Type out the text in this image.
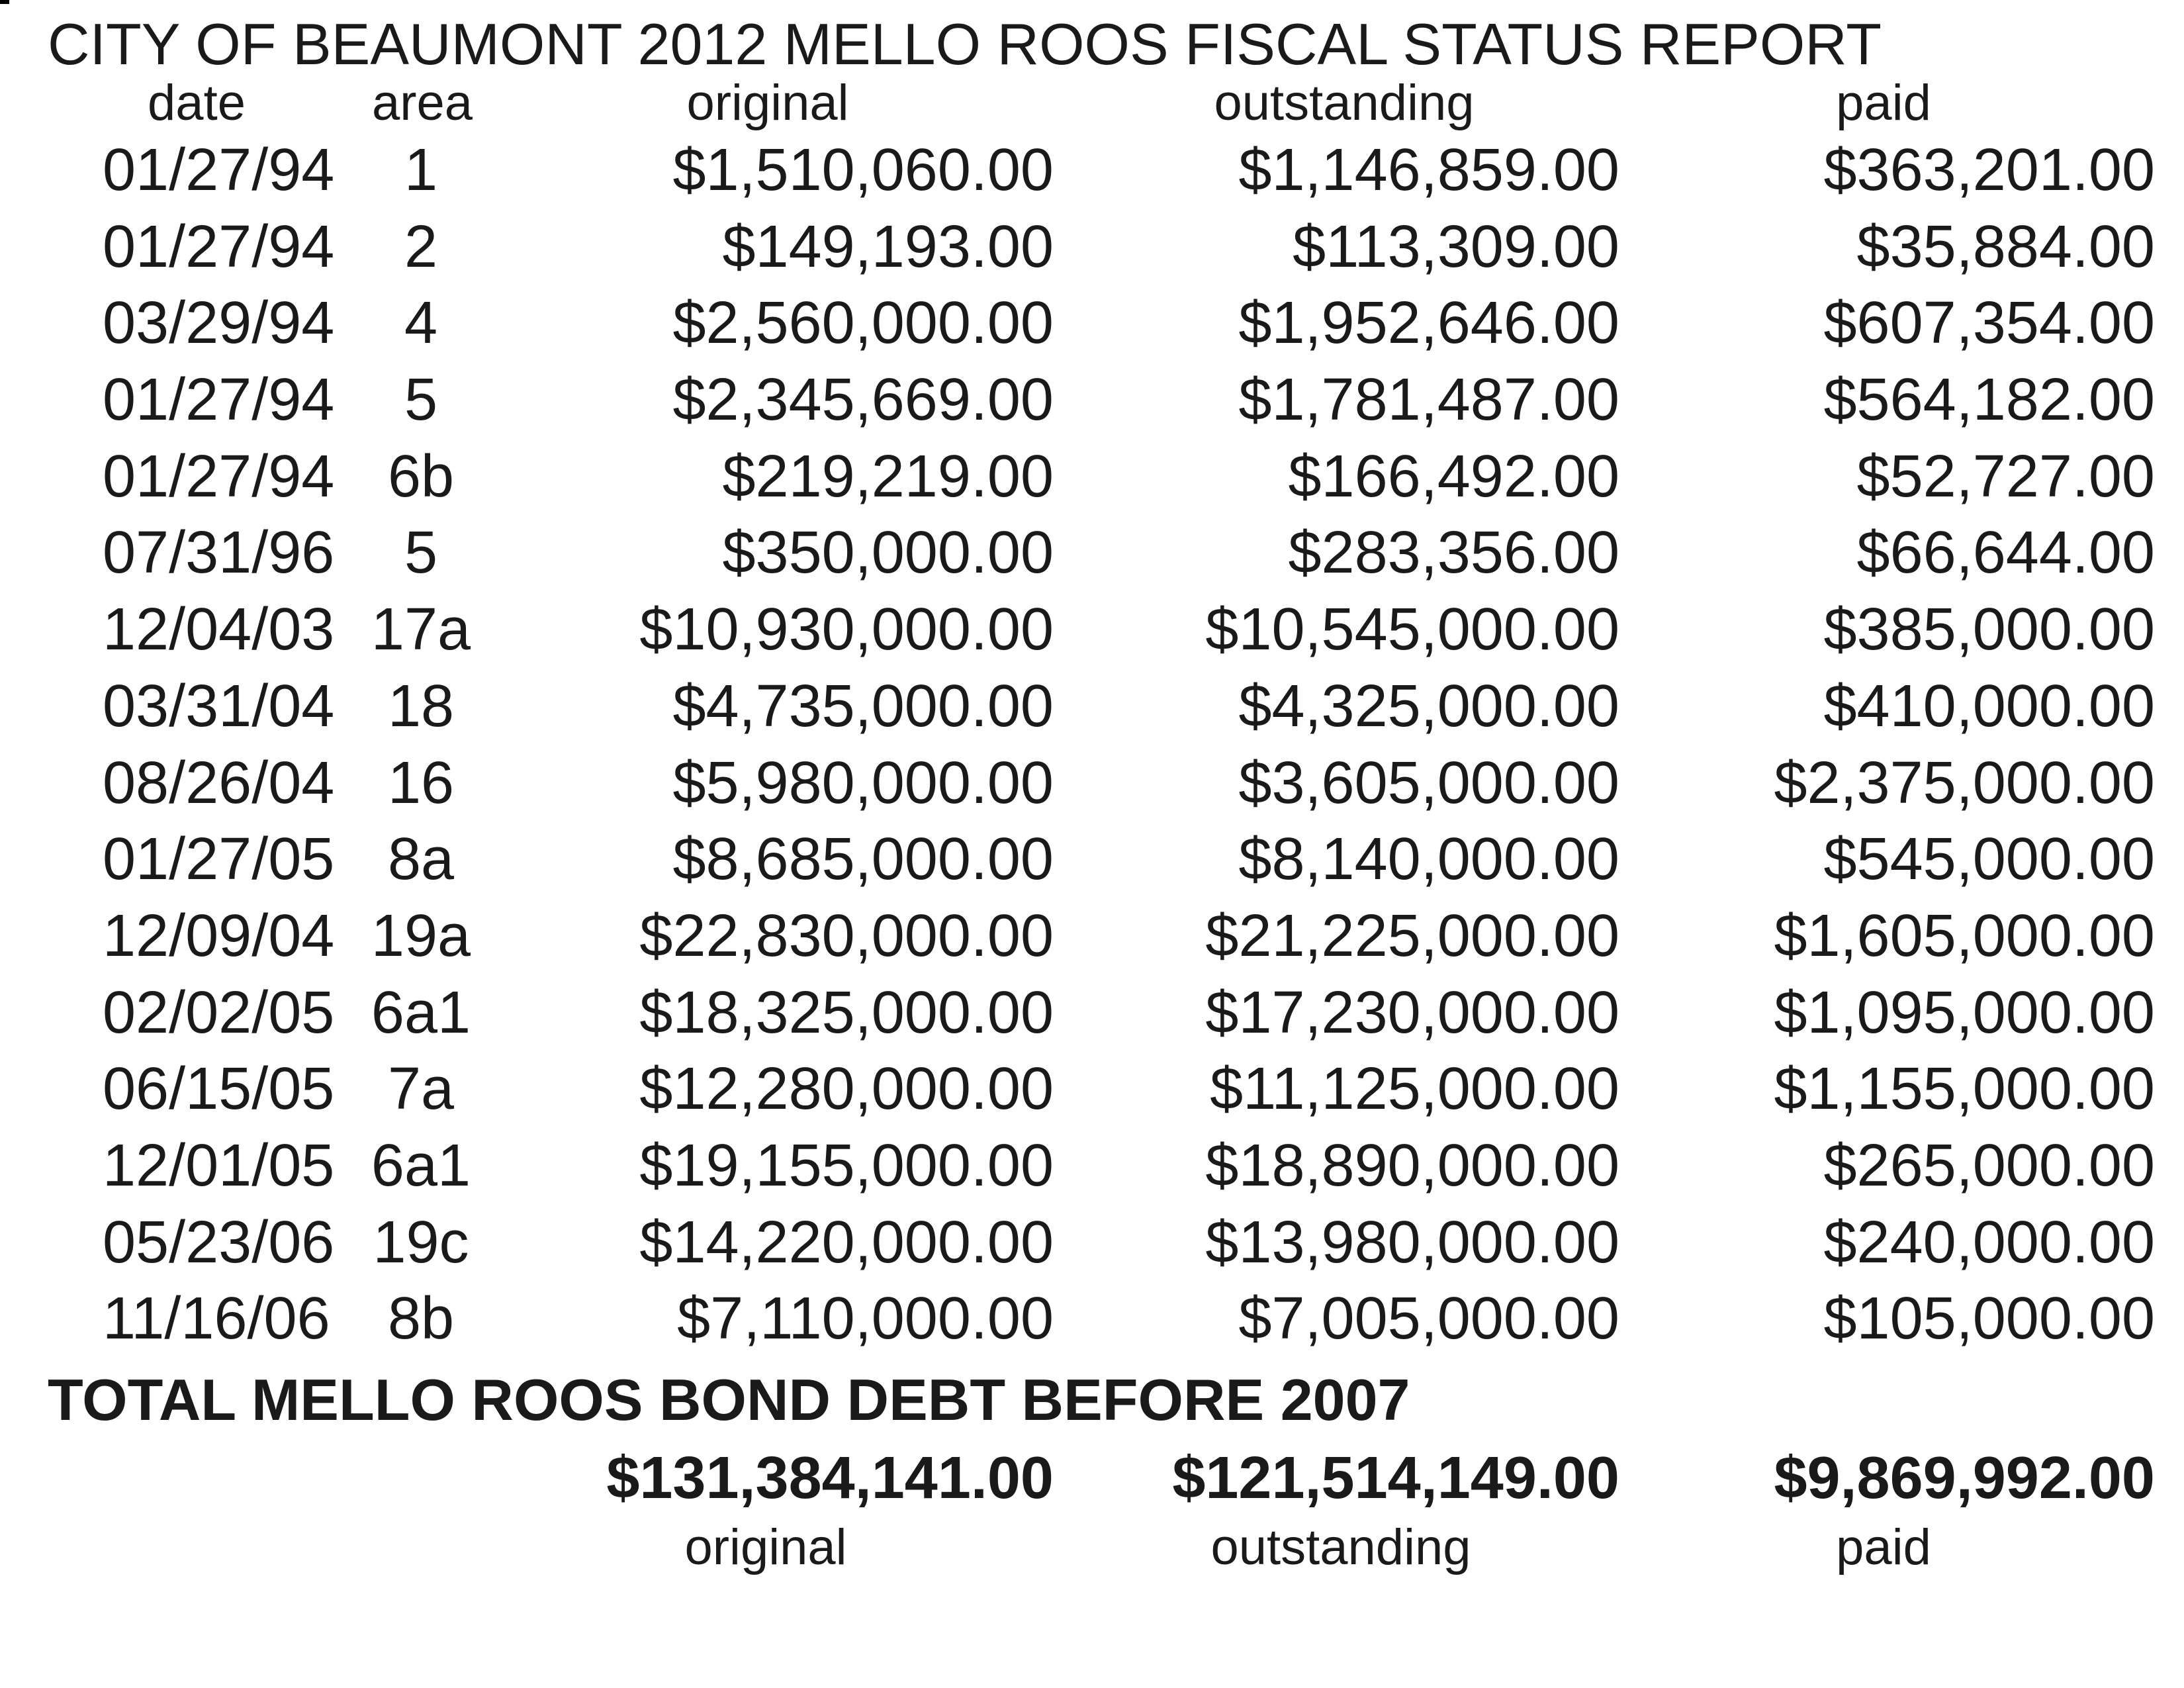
CITY OF BEAUMONT 2012 MELLO ROOS FISCAL STATUS REPORT
date	area	original	outstanding	paid
01/27/94 1	$1,510,060.00	$1,146,859.00	$363,201.00
01/27/94 2	$149,193.00	$113,309.00	$35,884.00
03/29/94 4	$2,560,000.00	$1,952,646.00	$607,354.00
01/27/94 5	$2,345,669.00	$1,781,487.00	$564,182.00
01/27/94 6b	$219,219.00	$166,492.00	$52,727.00
07/31/96 5	$350,000.00	$283,356.00	$66,644.00
12/04/03 17a	$10,930,000.00	$10,545,000.00	$385,000.00
03/31/04 18	$4,735,000.00	$4,325,000.00	$410,000.00
08/26/04 16	$5,980,000.00	$3,605,000.00	$2,375,000.00
01/27/05 8a	$8,685,000.00	$8,140,000.00	$545,000.00
12/09/04 19a	$22,830,000.00	$21,225,000.00	$1,605,000.00
02/02/05 6a1	$18,325,000.00	$17,230,000.00	$1,095,000.00
06/15/05 7a	$12,280,000.00	$11,125,000.00	$1,155,000.00
12/01/05 6a1	$19,155,000.00	$18,890,000.00	$265,000.00
05/23/06 19c	$14,220,000.00	$13,980,000.00	$240,000.00
11/16/06 8b	$7,110,000.00	$7,005,000.00	$105,000.00
TOTAL MELLO ROOS BOND DEBT BEFORE 2007
$131,384,141.00 $121,514,149.00	$9,869,992.00
original	outstanding	paid
